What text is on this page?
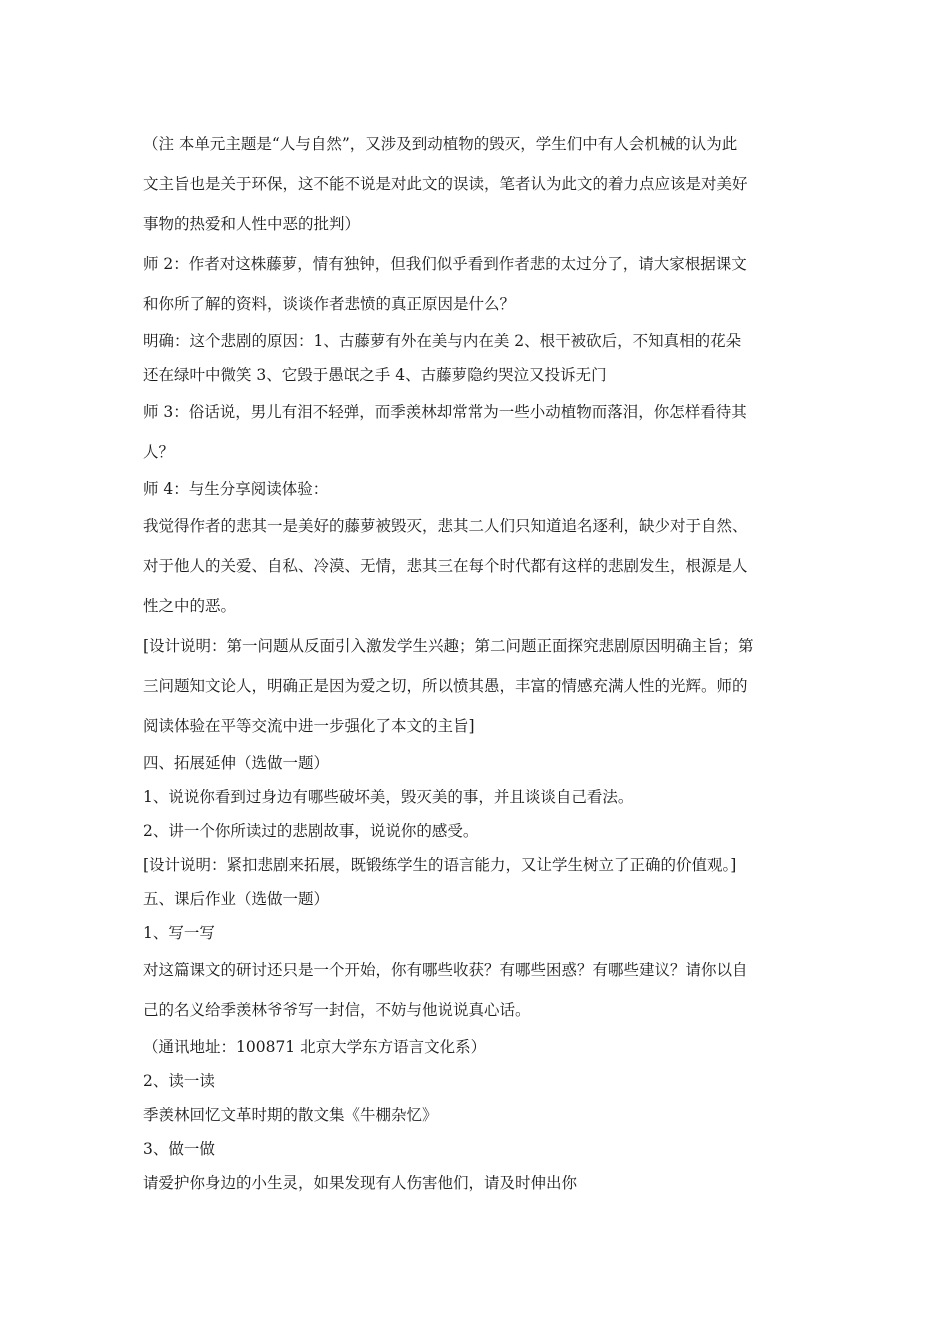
（注 本单元主题是“人与自然”，又涉及到动植物的毁灭，学生们中有人会机械的认为此
文主旨也是关于环保，这不能不说是对此文的误读，笔者认为此文的着力点应该是对美好
事物的热爱和人性中恶的批判）
师 2：作者对这株藤萝，情有独钟，但我们似乎看到作者悲的太过分了，请大家根据课文
和你所了解的资料，谈谈作者悲愤的真正原因是什么？
明确：这个悲剧的原因：1、古藤萝有外在美与内在美 2、根干被砍后，不知真相的花朵
还在绿叶中微笑 3、它毁于愚氓之手 4、古藤萝隐约哭泣又投诉无门
师 3：俗话说，男儿有泪不轻弹，而季羡林却常常为一些小动植物而落泪，你怎样看待其
人？
师 4：与生分享阅读体验：
我觉得作者的悲其一是美好的藤萝被毁灭，悲其二人们只知道追名逐利，缺少对于自然、
对于他人的关爱、自私、冷漠、无情，悲其三在每个时代都有这样的悲剧发生，根源是人
性之中的恶。
[设计说明：第一问题从反面引入激发学生兴趣；第二问题正面探究悲剧原因明确主旨；第
三问题知文论人，明确正是因为爱之切，所以愤其愚，丰富的情感充满人性的光辉。师的
阅读体验在平等交流中进一步强化了本文的主旨]
四、拓展延伸（选做一题）
1、说说你看到过身边有哪些破坏美，毁灭美的事，并且谈谈自己看法。
2、讲一个你所读过的悲剧故事，说说你的感受。
[设计说明：紧扣悲剧来拓展，既锻练学生的语言能力，又让学生树立了正确的价值观。]
五、课后作业（选做一题）
1、写一写
对这篇课文的研讨还只是一个开始，你有哪些收获？有哪些困惑？有哪些建议？请你以自
己的名义给季羡林爷爷写一封信，不妨与他说说真心话。
（通讯地址：100871 北京大学东方语言文化系）
2、读一读
季羡林回忆文革时期的散文集《牛棚杂忆》
3、做一做
请爱护你身边的小生灵，如果发现有人伤害他们，请及时伸出你
